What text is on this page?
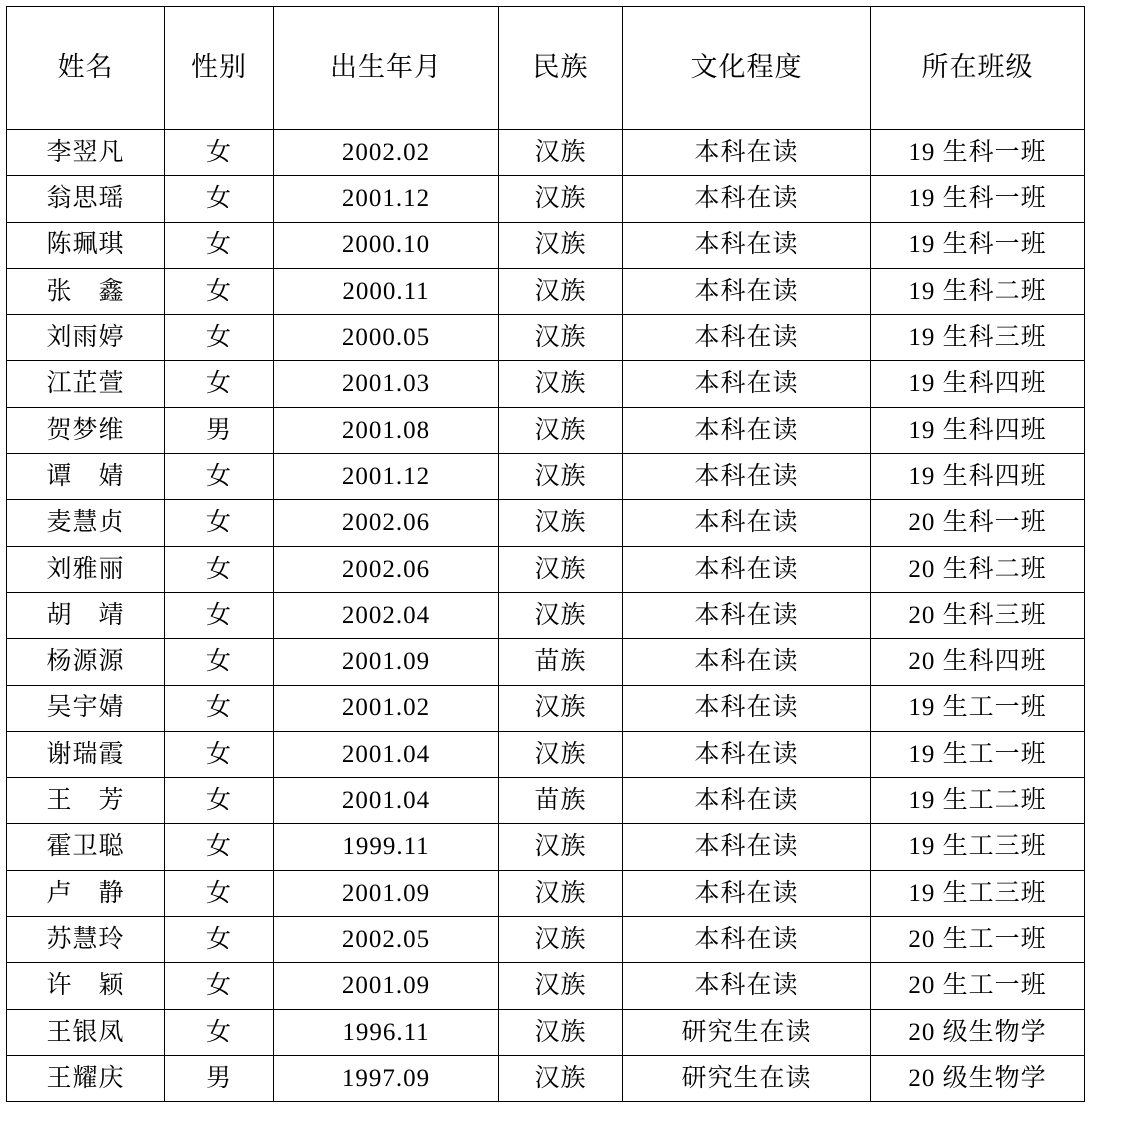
姓名	性别	出生年月	民族	文化程度	所在班级
李翌凡	女	2002.02	汉族	本科在读	19 生科一班
翁思瑶	女	2001.12	汉族	本科在读	19 生科一班
陈珮琪	女	2000.10	汉族	本科在读	19 生科一班
张　鑫	女	2000.11	汉族	本科在读	19 生科二班
刘雨婷	女	2000.05	汉族	本科在读	19 生科三班
江芷萱	女	2001.03	汉族	本科在读	19 生科四班
贺梦维	男	2001.08	汉族	本科在读	19 生科四班
谭　婧	女	2001.12	汉族	本科在读	19 生科四班
麦慧贞	女	2002.06	汉族	本科在读	20 生科一班
刘雅丽	女	2002.06	汉族	本科在读	20 生科二班
胡　靖	女	2002.04	汉族	本科在读	20 生科三班
杨源源	女	2001.09	苗族	本科在读	20 生科四班
吴宇婧	女	2001.02	汉族	本科在读	19 生工一班
谢瑞霞	女	2001.04	汉族	本科在读	19 生工一班
王　芳	女	2001.04	苗族	本科在读	19 生工二班
霍卫聪	女	1999.11	汉族	本科在读	19 生工三班
卢　静	女	2001.09	汉族	本科在读	19 生工三班
苏慧玲	女	2002.05	汉族	本科在读	20 生工一班
许　颖	女	2001.09	汉族	本科在读	20 生工一班
王银凤	女	1996.11	汉族	研究生在读	20 级生物学
王耀庆	男	1997.09	汉族	研究生在读	20 级生物学
